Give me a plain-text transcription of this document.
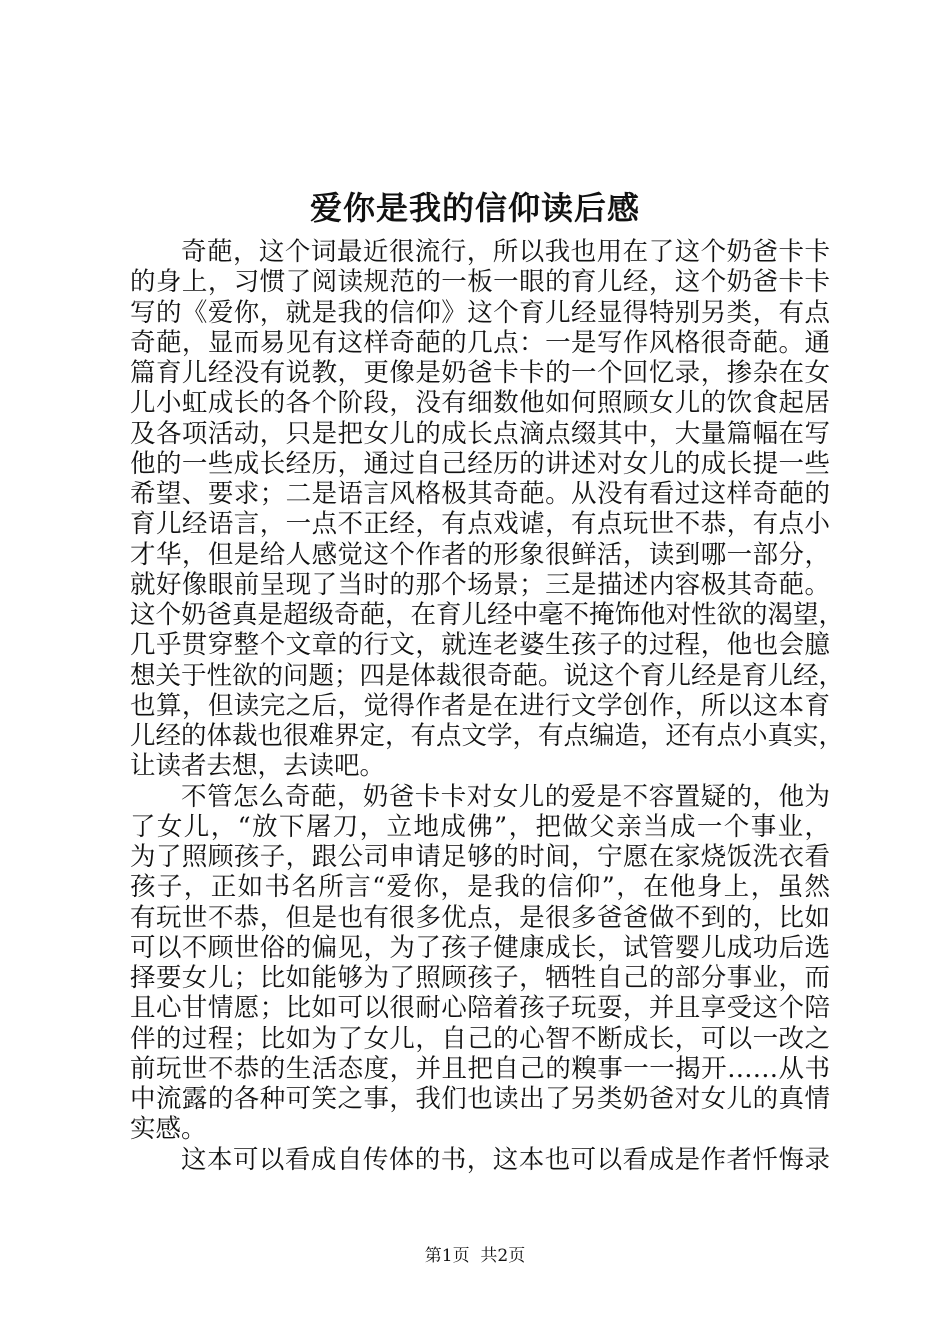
爱你是我的信仰读后感
奇葩，这个词最近很流行，所以我也用在了这个奶爸卡卡
的身上，习惯了阅读规范的一板一眼的育儿经，这个奶爸卡卡
写的《爱你，就是我的信仰》这个育儿经显得特别另类，有点
奇葩，显而易见有这样奇葩的几点：一是写作风格很奇葩。通
篇育儿经没有说教，更像是奶爸卡卡的一个回忆录，掺杂在女
儿小虹成长的各个阶段，没有细数他如何照顾女儿的饮食起居
及各项活动，只是把女儿的成长点滴点缀其中，大量篇幅在写
他的一些成长经历，通过自己经历的讲述对女儿的成长提一些
希望、要求；二是语言风格极其奇葩。从没有看过这样奇葩的
育儿经语言，一点不正经，有点戏谑，有点玩世不恭，有点小
才华，但是给人感觉这个作者的形象很鲜活，读到哪一部分，
就好像眼前呈现了当时的那个场景；三是描述内容极其奇葩。
这个奶爸真是超级奇葩，在育儿经中毫不掩饰他对性欲的渴望，
几乎贯穿整个文章的行文，就连老婆生孩子的过程，他也会臆
想关于性欲的问题；四是体裁很奇葩。说这个育儿经是育儿经，
也算，但读完之后，觉得作者是在进行文学创作，所以这本育
儿经的体裁也很难界定，有点文学，有点编造，还有点小真实，
让读者去想，去读吧。
不管怎么奇葩，奶爸卡卡对女儿的爱是不容置疑的，他为
了女儿，“放下屠刀，立地成佛”，把做父亲当成一个事业，
为了照顾孩子，跟公司申请足够的时间，宁愿在家烧饭洗衣看
孩子，正如书名所言“爱你，是我的信仰”，在他身上，虽然
有玩世不恭，但是也有很多优点，是很多爸爸做不到的，比如
可以不顾世俗的偏见，为了孩子健康成长，试管婴儿成功后选
择要女儿；比如能够为了照顾孩子，牺牲自己的部分事业，而
且心甘情愿；比如可以很耐心陪着孩子玩耍，并且享受这个陪
伴的过程；比如为了女儿，自己的心智不断成长，可以一改之
前玩世不恭的生活态度，并且把自己的糗事一一揭开……从书
中流露的各种可笑之事，我们也读出了另类奶爸对女儿的真情
实感。
这本可以看成自传体的书，这本也可以看成是作者忏悔录
第1页  共2页
